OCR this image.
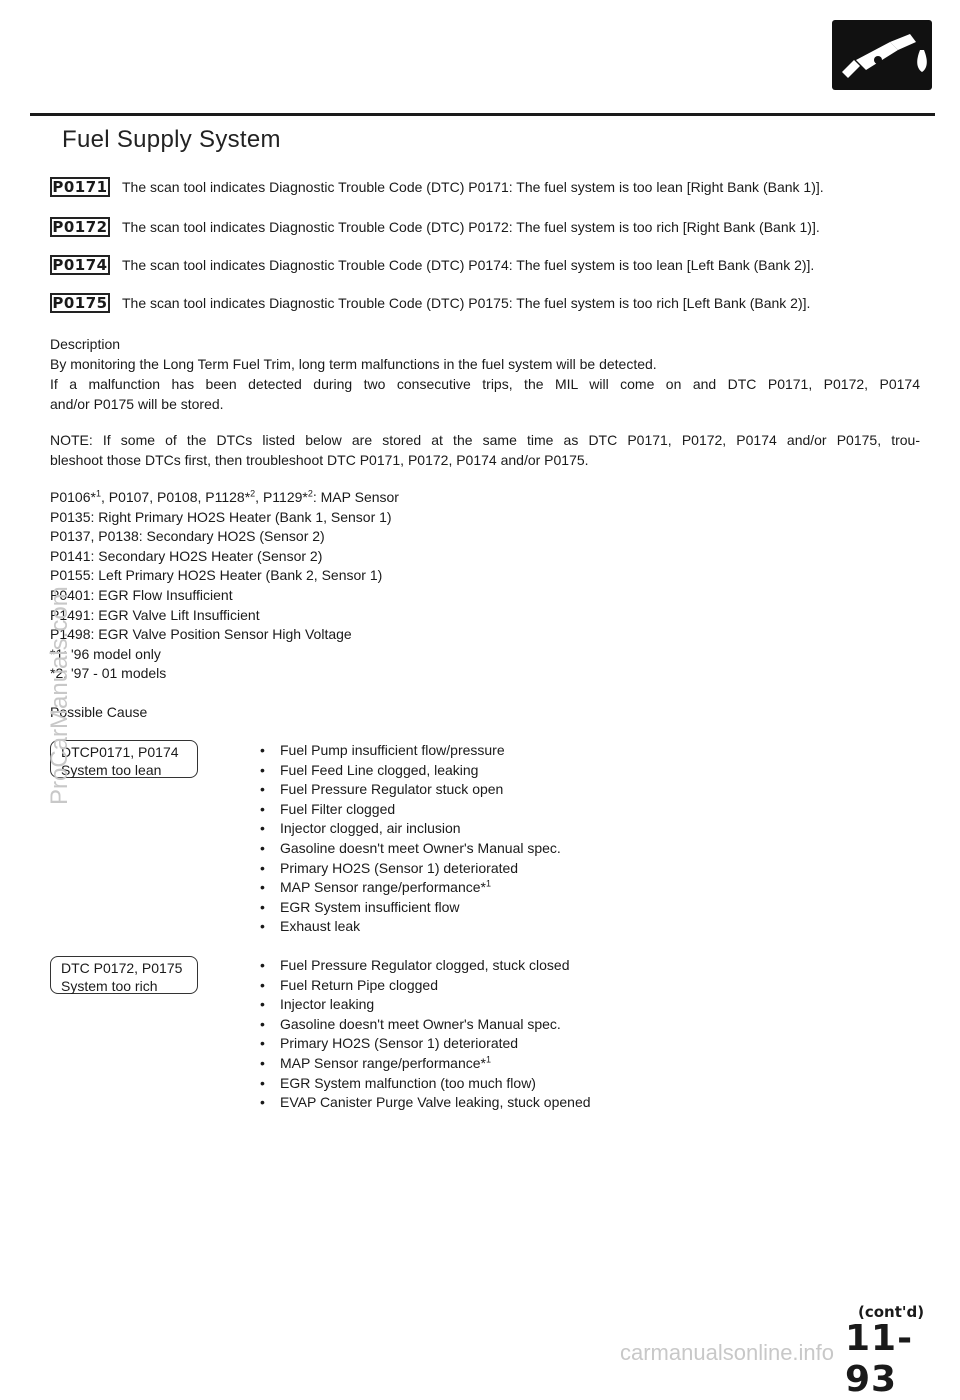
Fuel Supply System
P0171 The scan tool indicates Diagnostic Trouble Code (DTC) P0171: The fuel system is too lean [Right Bank (Bank 1)].
P0172 The scan tool indicates Diagnostic Trouble Code (DTC) P0172: The fuel system is too rich [Right Bank (Bank 1)].
P0174 The scan tool indicates Diagnostic Trouble Code (DTC) P0174: The fuel system is too lean [Left Bank (Bank 2)].
P0175 The scan tool indicates Diagnostic Trouble Code (DTC) P0175: The fuel system is too rich [Left Bank (Bank 2)].
Description
By monitoring the Long Term Fuel Trim, long term malfunctions in the fuel system will be detected.
If a malfunction has been detected during two consecutive trips, the MIL will come on and DTC P0171, P0172, P0174
and/or P0175 will be stored.
NOTE: If some of the DTCs listed below are stored at the same time as DTC P0171, P0172, P0174 and/or P0175, trou-
bleshoot those DTCs first, then troubleshoot DTC P0171, P0172, P0174 and/or P0175.
P0106*$^1$, P0107, P0108, P1128*$^2$, P1129*$^2$: MAP Sensor
P0135: Right Primary HO2S Heater (Bank 1, Sensor 1)
P0137, P0138: Secondary HO2S (Sensor 2)
P0141: Secondary HO2S Heater (Sensor 2)
P0155: Left Primary HO2S Heater (Bank 2, Sensor 1)
P0401: EGR Flow Insufficient
P1491: EGR Valve Lift Insufficient
P1498: EGR Valve Position Sensor High Voltage
*1: '96 model only
*2: '97 - 01 models
Possible Cause
DTCP0171, P0174
System too lean
• Fuel Pump insufficient flow/pressure
• Fuel Feed Line clogged, leaking
• Fuel Pressure Regulator stuck open
• Fuel Filter clogged
• Injector clogged, air inclusion
• Gasoline doesn't meet Owner's Manual spec.
• Primary HO2S (Sensor 1) deteriorated
• MAP Sensor range/performance*$^1$
• EGR System insufficient flow
• Exhaust leak
DTC P0172, P0175
System too rich
• Fuel Pressure Regulator clogged, stuck closed
• Fuel Return Pipe clogged
• Injector leaking
• Gasoline doesn't meet Owner's Manual spec.
• Primary HO2S (Sensor 1) deteriorated
• MAP Sensor range/performance*$^1$
• EGR System malfunction (too much flow)
• EVAP Canister Purge Valve leaking, stuck opened
(cont'd)
11-93
ProCarManuals.com
carmanualsonline.info
